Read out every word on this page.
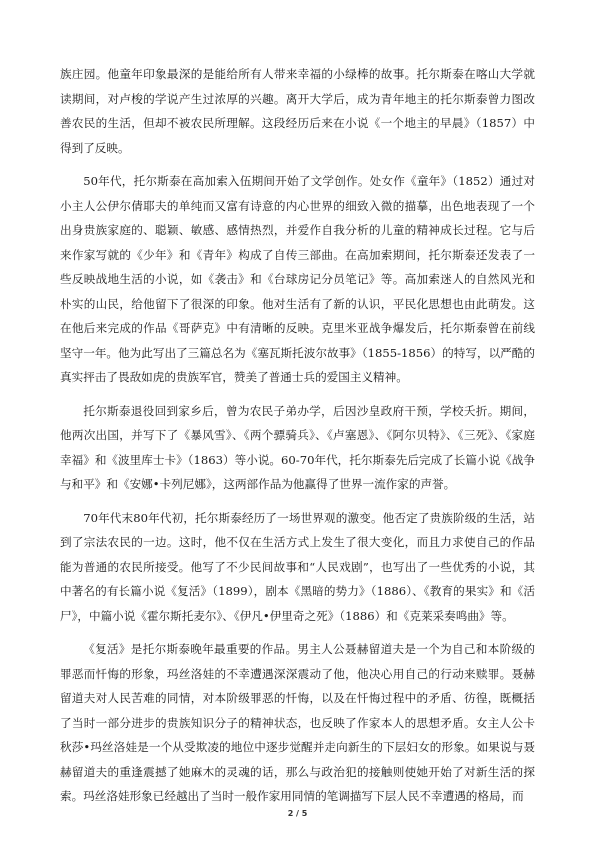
族庄园。他童年印象最深的是能给所有人带来幸福的小绿棒的故事。托尔斯泰在喀山大学就读期间，对卢梭的学说产生过浓厚的兴趣。离开大学后，成为青年地主的托尔斯泰曾力图改善农民的生活，但却不被农民所理解。这段经历后来在小说《一个地主的早晨》（1857）中得到了反映。

50年代，托尔斯泰在高加索入伍期间开始了文学创作。处女作《童年》（1852）通过对小主人公伊尔倩耶夫的单纯而又富有诗意的内心世界的细致入微的描摹，出色地表现了一个出身贵族家庭的、聪颖、敏感、感情热烈，并爱作自我分析的儿童的精神成长过程。它与后来作家写就的《少年》和《青年》构成了自传三部曲。在高加索期间，托尔斯泰还发表了一些反映战地生活的小说，如《袭击》和《台球房记分员笔记》等。高加索迷人的自然风光和朴实的山民，给他留下了很深的印象。他对生活有了新的认识，平民化思想也由此萌发。这在他后来完成的作品《哥萨克》中有清晰的反映。克里米亚战争爆发后，托尔斯泰曾在前线坚守一年。他为此写出了三篇总名为《塞瓦斯托波尔故事》（1855-1856）的特写，以严酷的真实抨击了畏敌如虎的贵族军官，赞美了普通士兵的爱国主义精神。

托尔斯泰退役回到家乡后，曾为农民子弟办学，后因沙皇政府干预，学校夭折。期间，他两次出国，并写下了《暴风雪》、《两个骠骑兵》、《卢塞恩》、《阿尔贝特》、《三死》、《家庭幸福》和《波里库士卡》（1863）等小说。60-70年代，托尔斯泰先后完成了长篇小说《战争与和平》和《安娜•卡列尼娜》，这两部作品为他赢得了世界一流作家的声誉。

70年代末80年代初，托尔斯泰经历了一场世界观的激变。他否定了贵族阶级的生活，站到了宗法农民的一边。这时，他不仅在生活方式上发生了很大变化，而且力求使自己的作品能为普通的农民所接受。他写了不少民间故事和“人民戏剧”，也写出了一些优秀的小说，其中著名的有长篇小说《复活》（1899），剧本《黑暗的势力》（1886）、《教育的果实》和《活尸》，中篇小说《霍尔斯托麦尔》、《伊凡•伊里奇之死》（1886）和《克莱采奏鸣曲》等。

《复活》是托尔斯泰晚年最重要的作品。男主人公聂赫留道夫是一个为自己和本阶级的罪恶而忏悔的形象，玛丝洛娃的不幸遭遇深深震动了他，他决心用自己的行动来赎罪。聂赫留道夫对人民苦难的同情，对本阶级罪恶的忏悔，以及在忏悔过程中的矛盾、彷徨，既概括了当时一部分进步的贵族知识分子的精神状态，也反映了作家本人的思想矛盾。女主人公卡秋莎•玛丝洛娃是一个从受欺凌的地位中逐步觉醒并走向新生的下层妇女的形象。如果说与聂赫留道夫的重逢震撼了她麻木的灵魂的话，那么与政治犯的接触则使她开始了对新生活的探索。玛丝洛娃形象已经越出了当时一般作家用同情的笔调描写下层人民不幸遭遇的格局，而

2 / 5
